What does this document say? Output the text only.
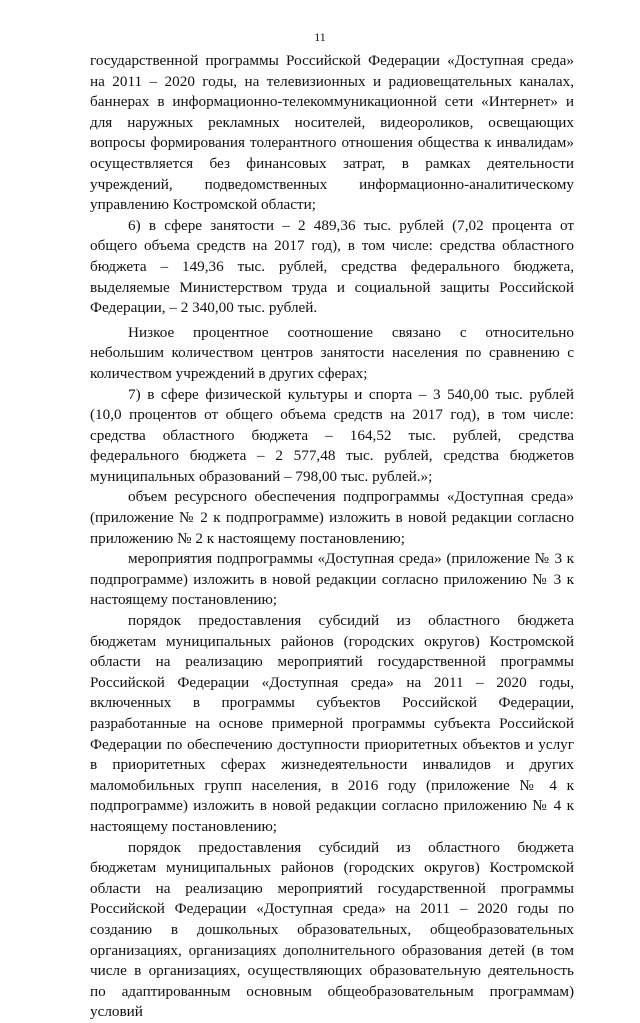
11

государственной программы Российской Федерации «Доступная среда» на 2011 – 2020 годы, на телевизионных и радиовещательных каналах, баннерах в информационно-телекоммуникационной сети «Интернет» и для наружных рекламных носителей, видеороликов, освещающих вопросы формирования толерантного отношения общества к инвалидам» осуществляется без финансовых затрат, в рамках деятельности учреждений, подведомственных информационно-аналитическому управлению Костромской области;

6) в сфере занятости – 2 489,36 тыс. рублей (7,02 процента от общего объема средств на 2017 год), в том числе: средства областного бюджета – 149,36 тыс. рублей, средства федерального бюджета, выделяемые Министерством труда и социальной защиты Российской Федерации, – 2 340,00 тыс. рублей.

Низкое процентное соотношение связано с относительно небольшим количеством центров занятости населения по сравнению с количеством учреждений в других сферах;

7) в сфере физической культуры и спорта – 3 540,00 тыс. рублей (10,0 процентов от общего объема средств на 2017 год), в том числе: средства областного бюджета – 164,52 тыс. рублей, средства федерального бюджета – 2 577,48 тыс. рублей, средства бюджетов муниципальных образований – 798,00 тыс. рублей.»;

объем ресурсного обеспечения подпрограммы «Доступная среда» (приложение № 2 к подпрограмме) изложить в новой редакции согласно приложению № 2 к настоящему постановлению;

мероприятия подпрограммы «Доступная среда» (приложение № 3 к подпрограмме) изложить в новой редакции согласно приложению № 3 к настоящему постановлению;

порядок предоставления субсидий из областного бюджета бюджетам муниципальных районов (городских округов) Костромской области на реализацию мероприятий государственной программы Российской Федерации «Доступная среда» на 2011 – 2020 годы, включенных в программы субъектов Российской Федерации, разработанные на основе примерной программы субъекта Российской Федерации по обеспечению доступности приоритетных объектов и услуг в приоритетных сферах жизнедеятельности инвалидов и других маломобильных групп населения, в 2016 году (приложение № 4 к подпрограмме) изложить в новой редакции согласно приложению № 4 к настоящему постановлению;

порядок предоставления субсидий из областного бюджета бюджетам муниципальных районов (городских округов) Костромской области на реализацию мероприятий государственной программы Российской Федерации «Доступная среда» на 2011 – 2020 годы по созданию в дошкольных образовательных, общеобразовательных организациях, организациях дополнительного образования детей (в том числе в организациях, осуществляющих образовательную деятельность по адаптированным основным общеобразовательным программам) условий
